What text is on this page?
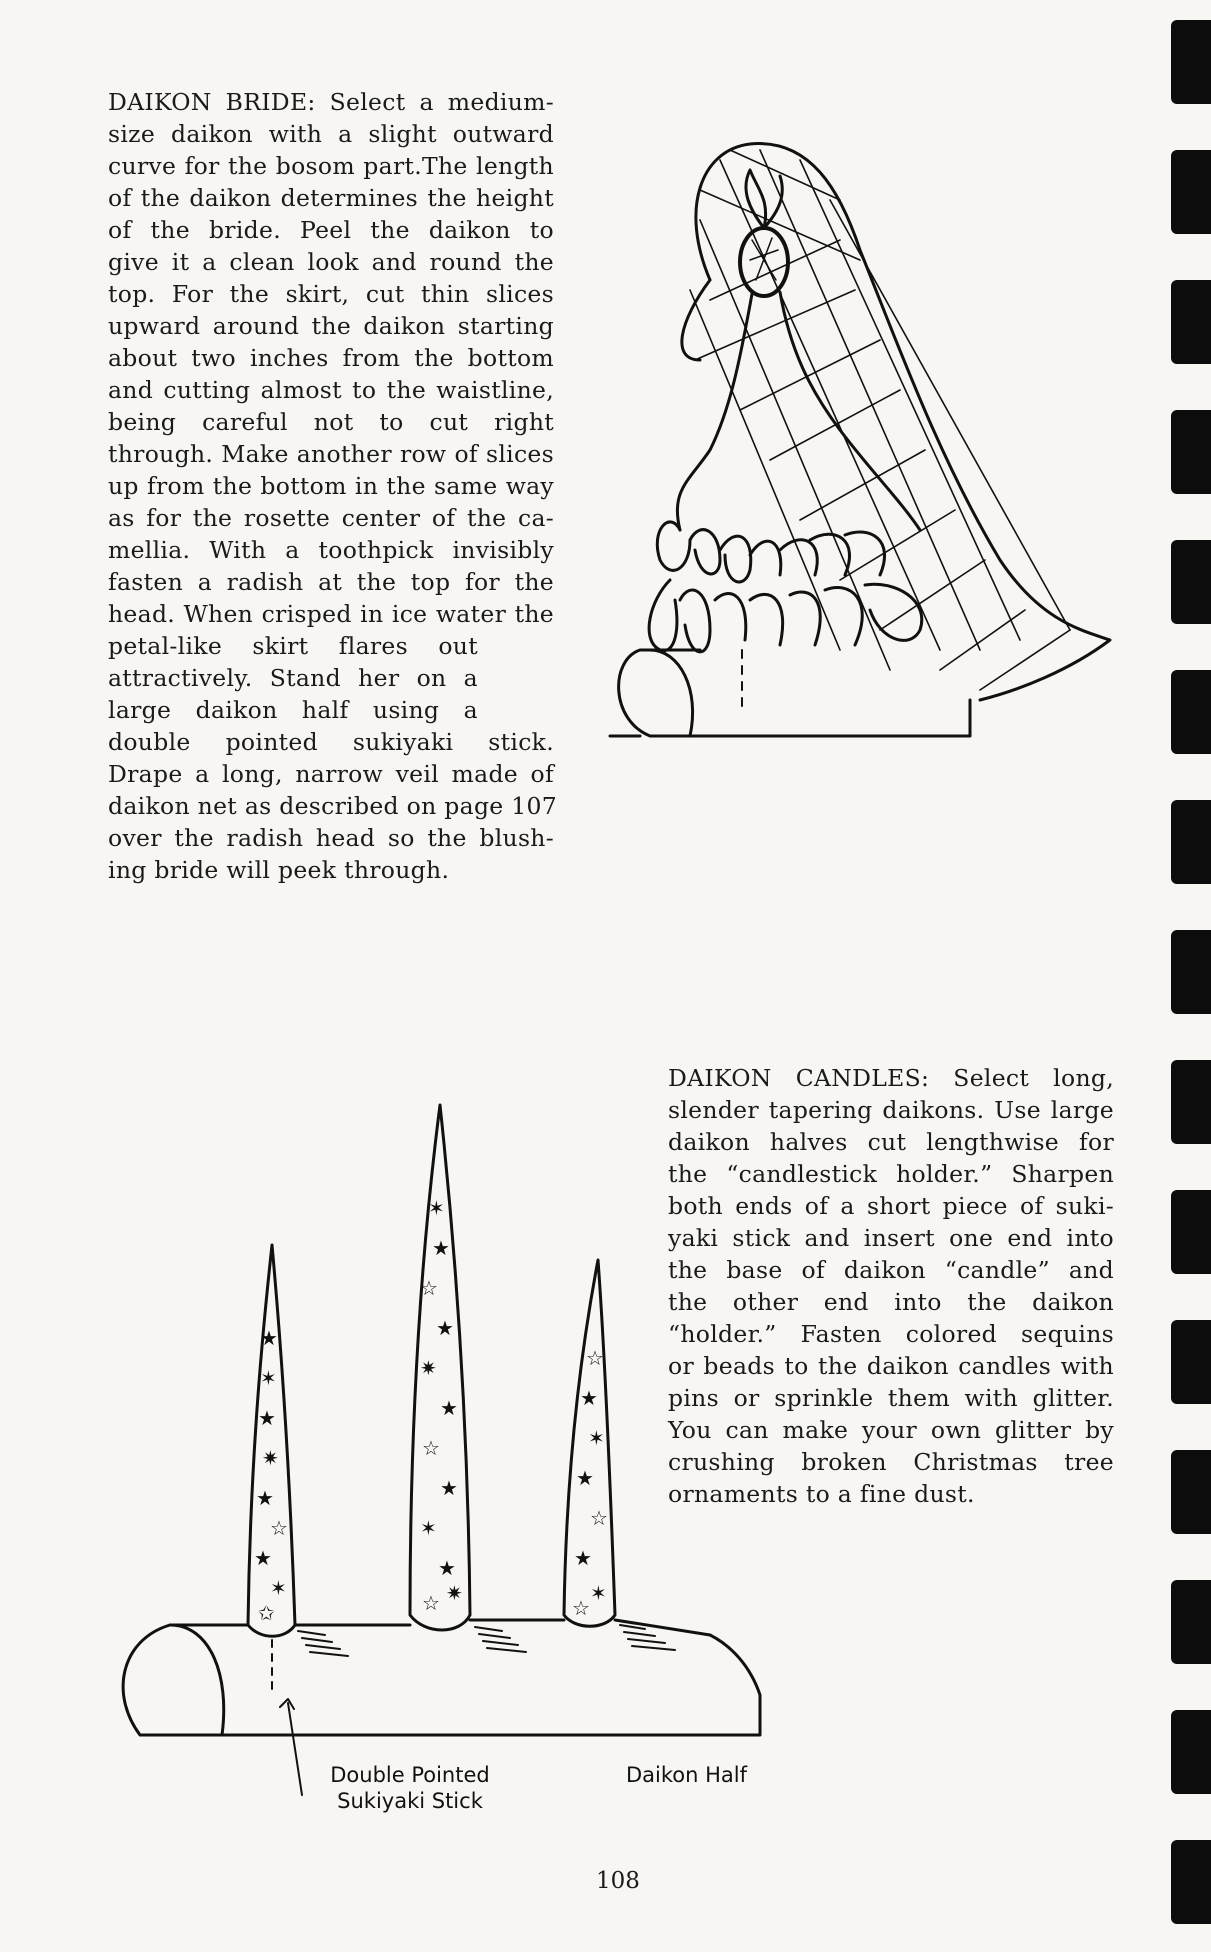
DAIKON BRIDE: Select a medium-
size daikon with a slight outward
curve for the bosom part.The length
of the daikon determines the height
of the bride. Peel the daikon to
give it a clean look and round the
top. For the skirt, cut thin slices
upward around the daikon starting
about two inches from the bottom
and cutting almost to the waistline,
being careful not to cut right
through. Make another row of slices
up from the bottom in the same way
as for the rosette center of the ca-
mellia. With a toothpick invisibly
fasten a radish at the top for the
head. When crisped in ice water the
petal-like skirt flares out
attractively. Stand her on a
large daikon half using a
double pointed sukiyaki stick.
Drape a long, narrow veil made of
daikon net as described on page 107
over the radish head so the blush-
ing bride will peek through.
DAIKON CANDLES: Select long,
slender tapering daikons. Use large
daikon halves cut lengthwise for
the “candlestick holder.” Sharpen
both ends of a short piece of suki-
yaki stick and insert one end into
the base of daikon “candle” and
the other end into the daikon
“holder.” Fasten colored sequins
or beads to the daikon candles with
pins or sprinkle them with glitter.
You can make your own glitter by
crushing broken Christmas tree
ornaments to a fine dust.
★
✶
★
✷
★
☆
★
✶
✩
✶
★
☆
★
✷
★
☆
★
✶
★
☆ ✷
☆
★
✶
★
☆
★
✶
☆
Double Pointed
Sukiyaki Stick
Daikon Half
108
